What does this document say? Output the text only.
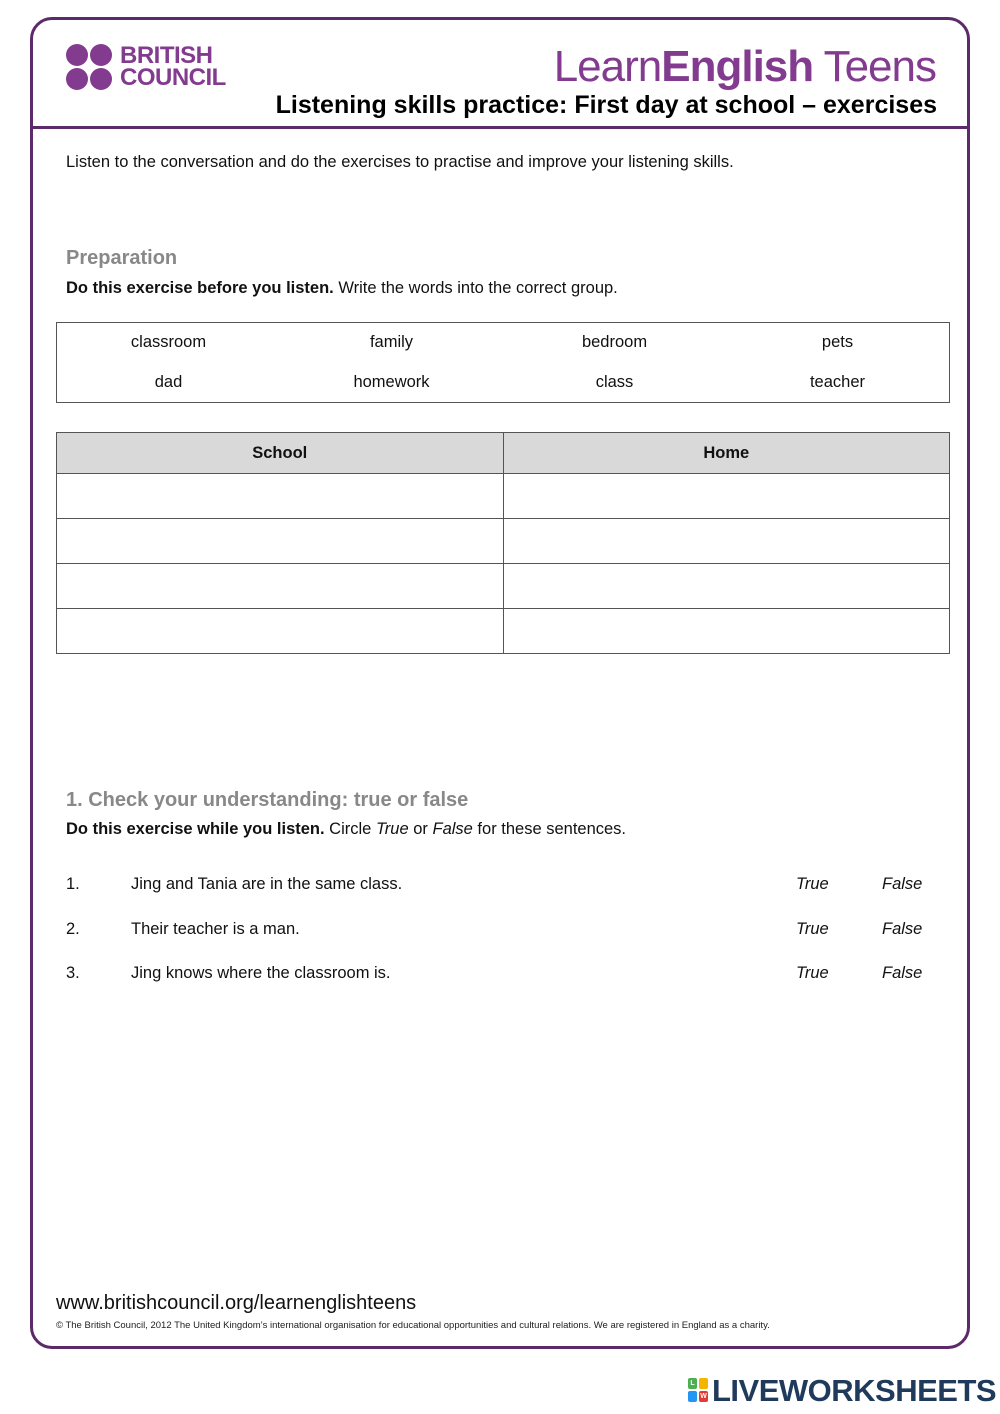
BRITISH
COUNCIL	LearnEnglish Teens
Listening skills practice: First day at school – exercises
Listen to the conversation and do the exercises to practise and improve your listening skills.
Preparation
Do this exercise before you listen. Write the words into the correct group.
classroom	family	bedroom	pets
dad	homework	class	teacher
School	Home

1. Check your understanding: true or false
Do this exercise while you listen. Circle True or False for these sentences.
1.	Jing and Tania are in the same class.	True	False
2.	Their teacher is a man.	True	False
3.	Jing knows where the classroom is.	True	False
www.britishcouncil.org/learnenglishteens
© The British Council, 2012 The United Kingdom’s international organisation for educational opportunities and cultural relations. We are registered in England as a charity.
L
W LIVEWORKSHEETS
